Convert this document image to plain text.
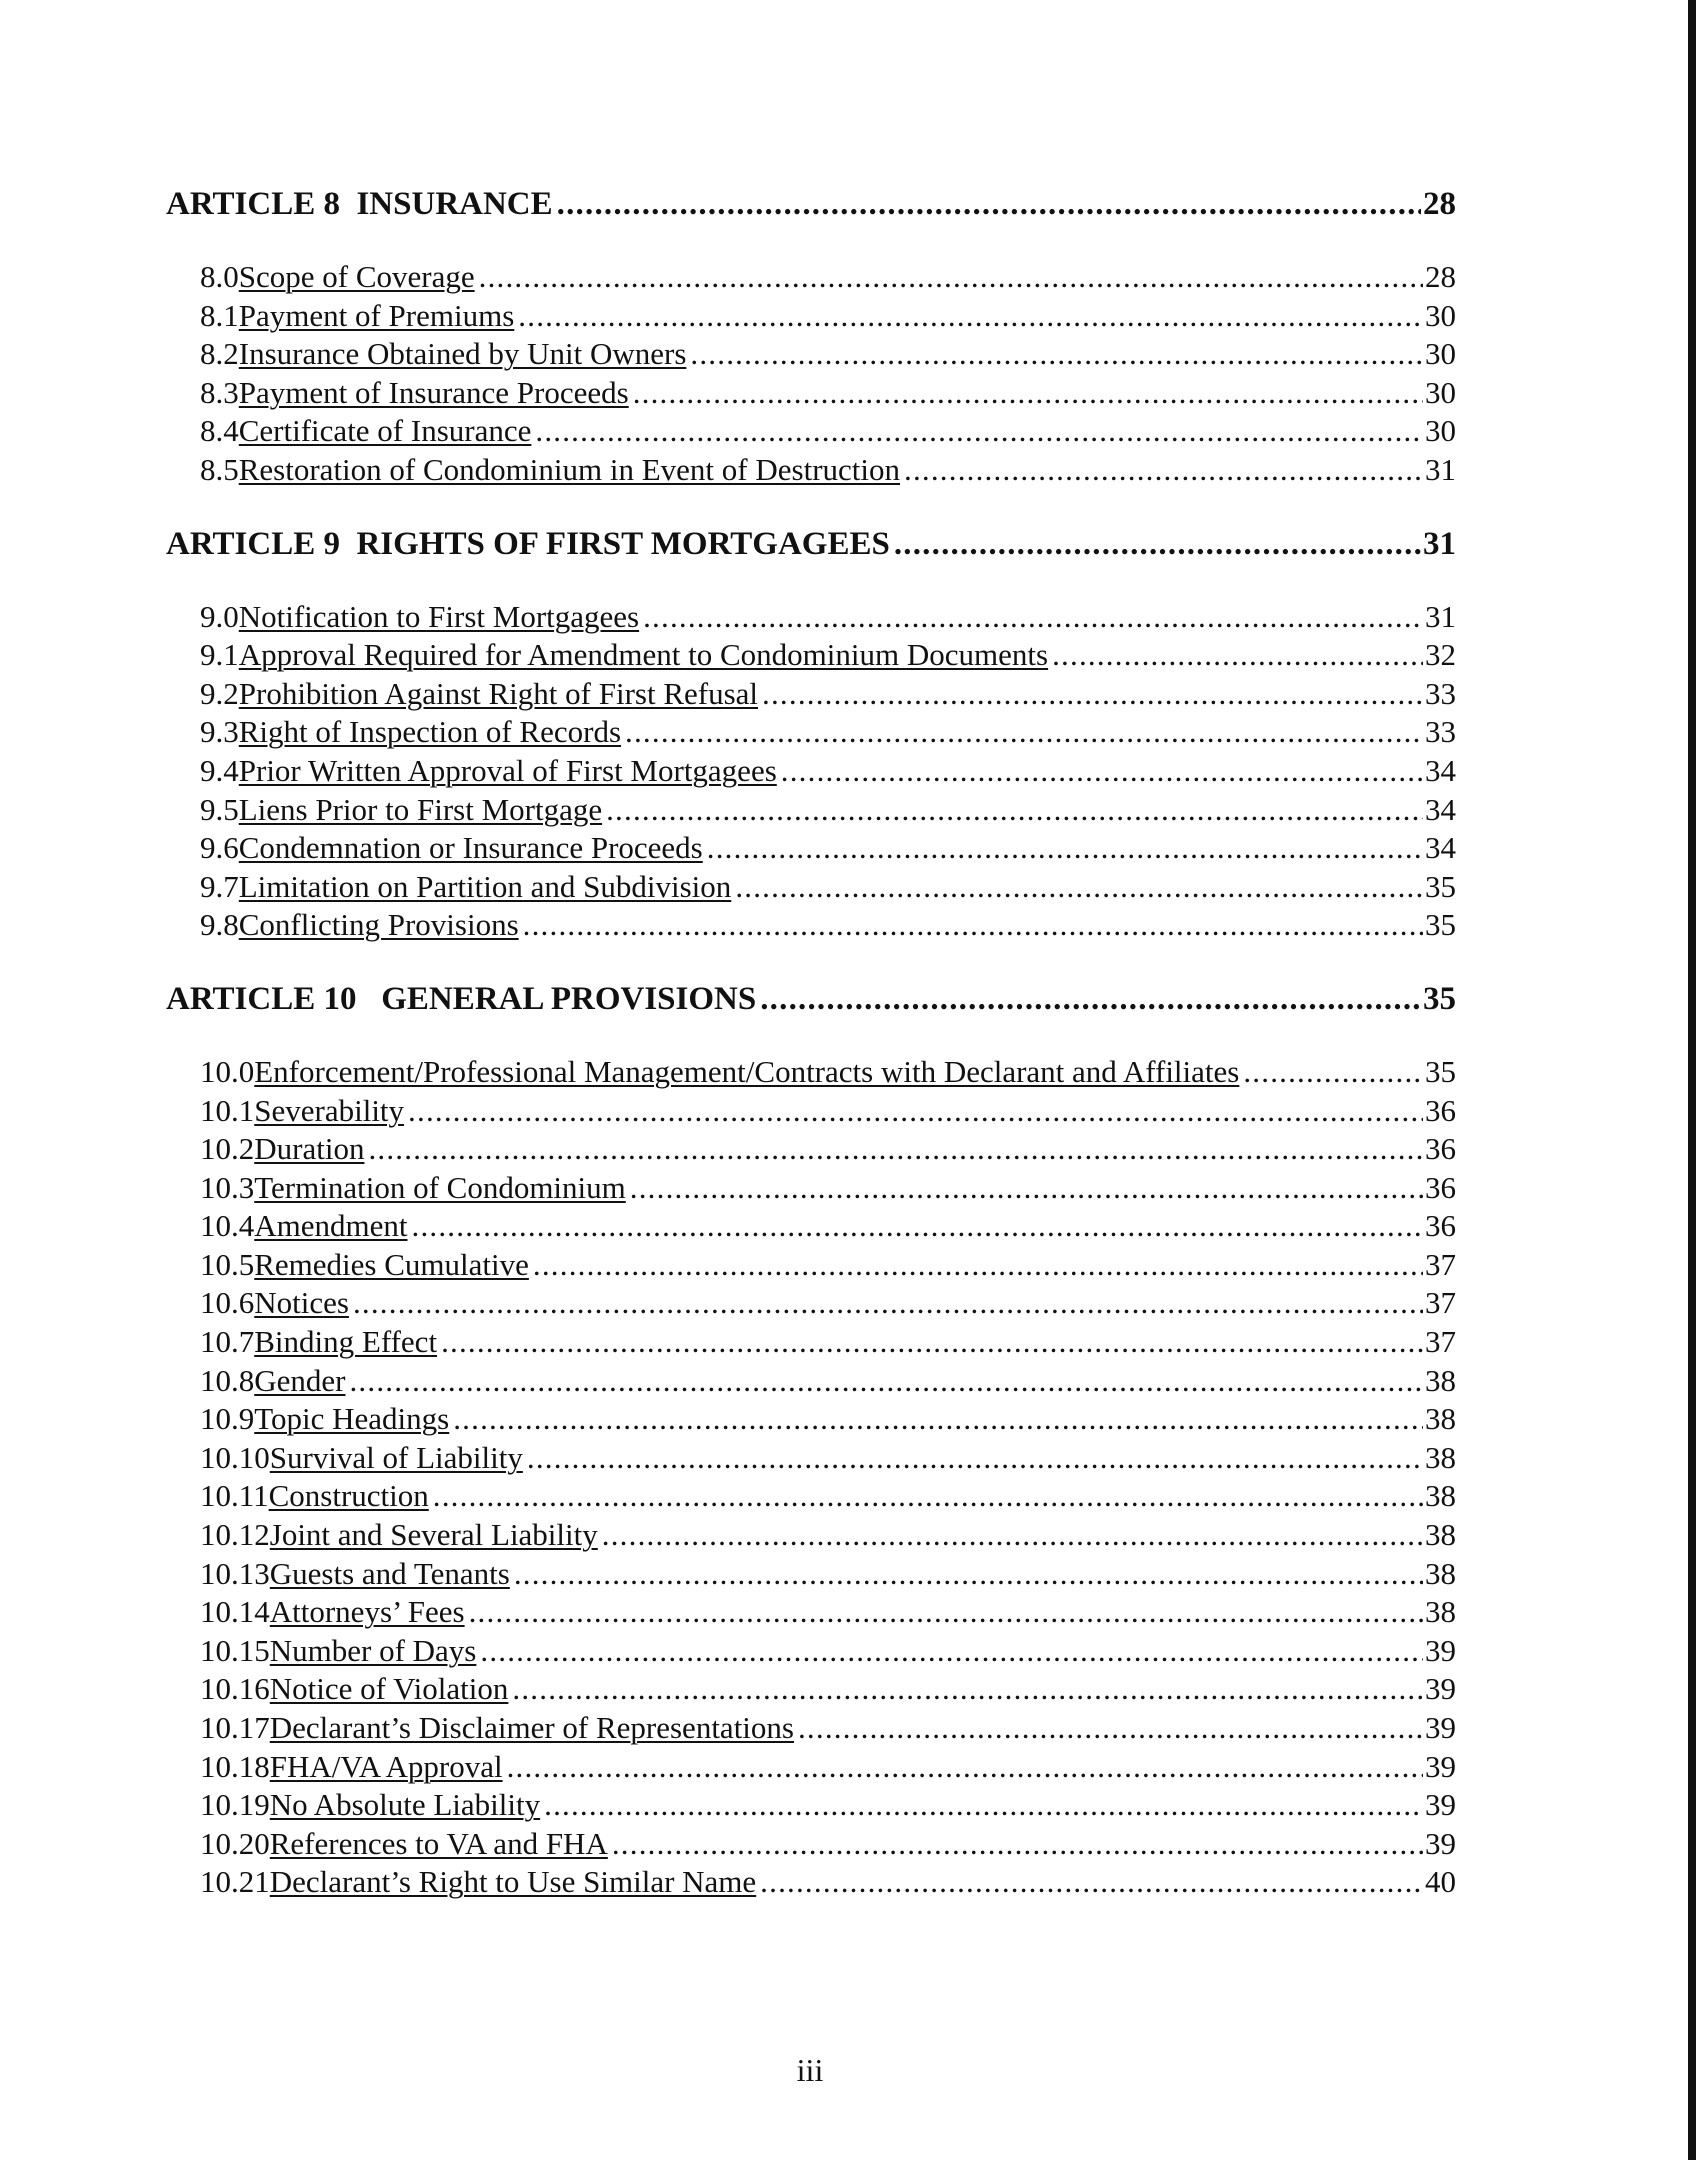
ARTICLE 8  INSURANCE .....	28
8.0 Scope of Coverage .....	28
8.1 Payment of Premiums .....	30
8.2 Insurance Obtained by Unit Owners .....	30
8.3 Payment of Insurance Proceeds .....	30
8.4 Certificate of Insurance .....	30
8.5 Restoration of Condominium in Event of Destruction .....	31
ARTICLE 9  RIGHTS OF FIRST MORTGAGEES .....	31
9.0 Notification to First Mortgagees .....	31
9.1 Approval Required for Amendment to Condominium Documents .....	32
9.2 Prohibition Against Right of First Refusal .....	33
9.3 Right of Inspection of Records .....	33
9.4 Prior Written Approval of First Mortgagees .....	34
9.5 Liens Prior to First Mortgage .....	34
9.6 Condemnation or Insurance Proceeds .....	34
9.7 Limitation on Partition and Subdivision .....	35
9.8 Conflicting Provisions .....	35
ARTICLE 10   GENERAL PROVISIONS .....	35
10.0 Enforcement/Professional Management/Contracts with Declarant and Affiliates .....	35
10.1 Severability .....	36
10.2 Duration .....	36
10.3 Termination of Condominium .....	36
10.4 Amendment .....	36
10.5 Remedies Cumulative .....	37
10.6 Notices .....	37
10.7 Binding Effect .....	37
10.8 Gender .....	38
10.9 Topic Headings .....	38
10.10 Survival of Liability .....	38
10.11 Construction .....	38
10.12 Joint and Several Liability .....	38
10.13 Guests and Tenants .....	38
10.14 Attorneys’ Fees .....	38
10.15 Number of Days .....	39
10.16 Notice of Violation .....	39
10.17 Declarant’s Disclaimer of Representations .....	39
10.18 FHA/VA Approval .....	39
10.19 No Absolute Liability .....	39
10.20 References to VA and FHA .....	39
10.21 Declarant’s Right to Use Similar Name .....	40
iii
